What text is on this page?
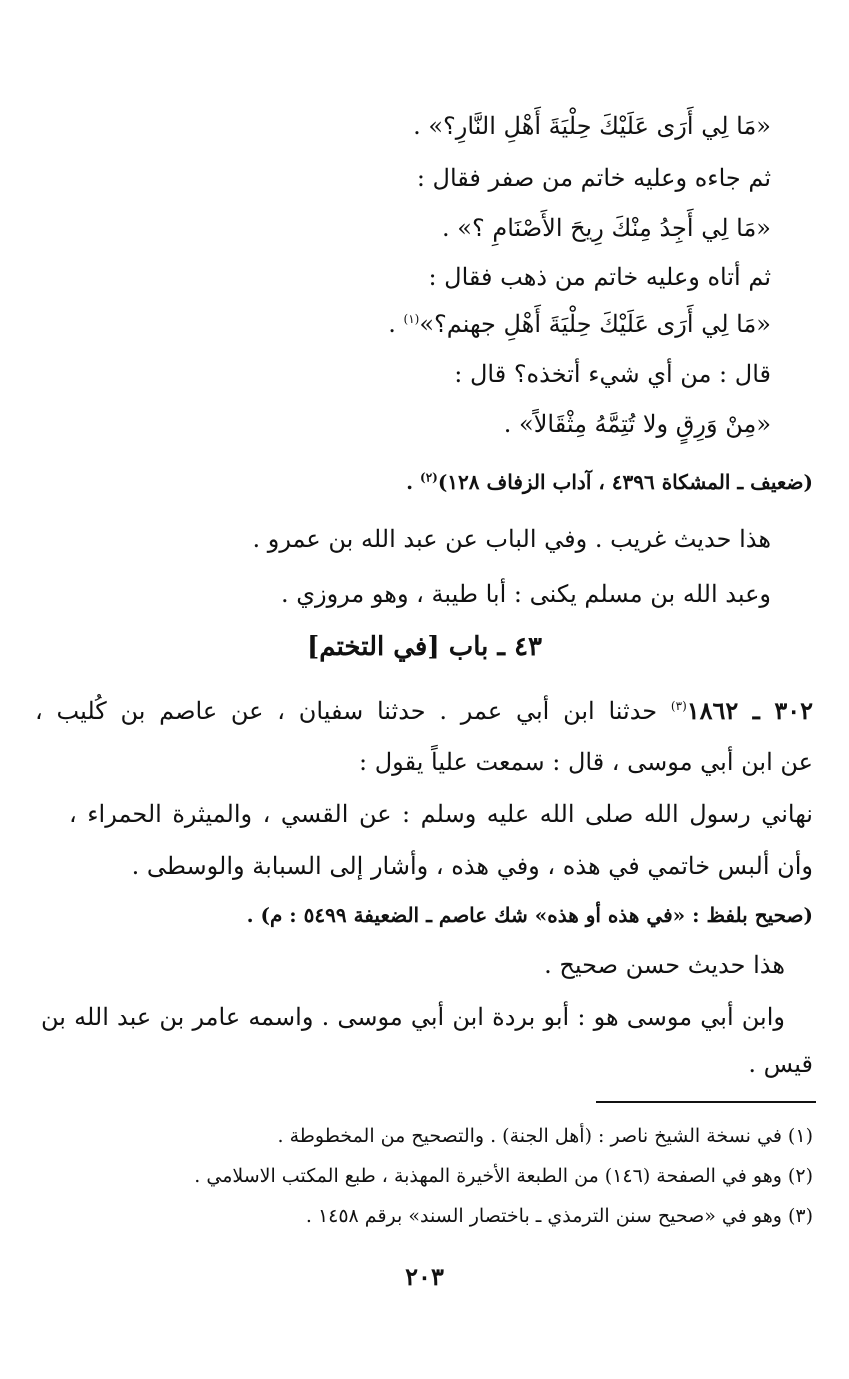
«مَا لِي أَرَى عَلَيْكَ حِلْيَةَ أَهْلِ النَّارِ؟» .
ثم جاءه وعليه خاتم من صفر فقال :
«مَا لِي أَجِدُ مِنْكَ رِيحَ الأَصْنَامِ ؟» .
ثم أتاه وعليه خاتم من ذهب فقال :
«مَا لِي أَرَى عَلَيْكَ حِلْيَةَ أَهْلِ جهنم؟»$^{(١)}$ .
قال : من أي شيء أتخذه؟ قال :
«مِنْ وَرِقٍ ولا تُتِمَّهُ مِثْقَالاً» .
(ضعيف ـ المشكاة ٤٣٩٦ ، آداب الزفاف ١٢٨)$^{(٢)}$ .
هذا حديث غريب . وفي الباب عن عبد الله بن عمرو .
وعبد الله بن مسلم يكنى : أبا طيبة ، وهو مروزي .
٤٣ ـ باب [في التختم]
٣٠٢ ـ ١٨٦٢$^{(٣)}$ حدثنا ابن أبي عمر . حدثنا سفيان ، عن عاصم بن كُليب ،
عن ابن أبي موسى ، قال : سمعت علياً يقول :
نهاني رسول الله صلى الله عليه وسلم : عن القسي ، والميثرة الحمراء ،
وأن ألبس خاتمي في هذه ، وفي هذه ، وأشار إلى السبابة والوسطى .
(صحيح بلفظ : «في هذه أو هذه» شك عاصم ـ الضعيفة ٥٤٩٩ : م) .
هذا حديث حسن صحيح .
وابن أبي موسى هو : أبو بردة ابن أبي موسى . واسمه عامر بن عبد الله بن
قيس .
(١) في نسخة الشيخ ناصر : (أهل الجنة) . والتصحيح من المخطوطة .
(٢) وهو في الصفحة (١٤٦) من الطبعة الأخيرة المهذبة ، طبع المكتب الاسلامي .
(٣) وهو في «صحيح سنن الترمذي ـ باختصار السند» برقم ١٤٥٨ .
٢٠٣
